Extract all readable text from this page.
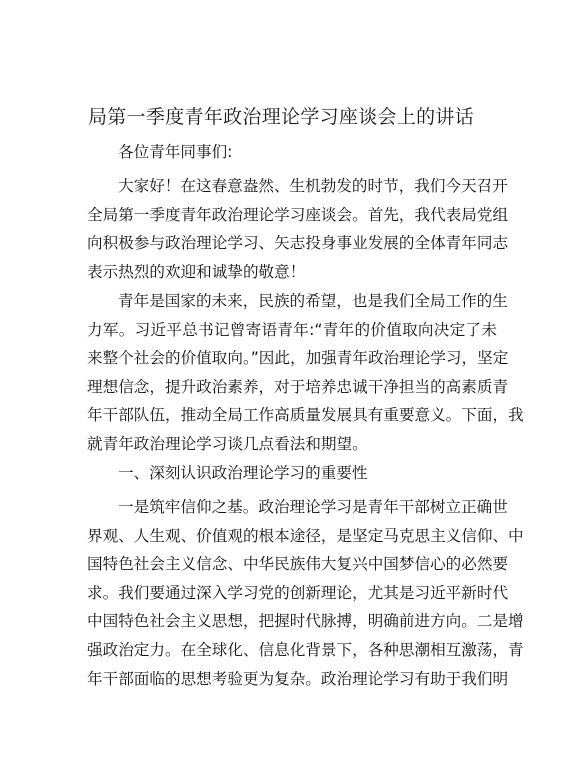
局第一季度青年政治理论学习座谈会上的讲话
各位青年同事们:
大家好！在这春意盎然、生机勃发的时节，我们今天召开
全局第一季度青年政治理论学习座谈会。首先，我代表局党组
向积极参与政治理论学习、矢志投身事业发展的全体青年同志
表示热烈的欢迎和诚挚的敬意！
青年是国家的未来，民族的希望，也是我们全局工作的生
力军。习近平总书记曾寄语青年:“青年的价值取向决定了未
来整个社会的价值取向。”因此，加强青年政治理论学习，坚定
理想信念，提升政治素养，对于培养忠诚干净担当的高素质青
年干部队伍，推动全局工作高质量发展具有重要意义。下面，我
就青年政治理论学习谈几点看法和期望。
一、深刻认识政治理论学习的重要性
一是筑牢信仰之基。政治理论学习是青年干部树立正确世
界观、人生观、价值观的根本途径，是坚定马克思主义信仰、中
国特色社会主义信念、中华民族伟大复兴中国梦信心的必然要
求。我们要通过深入学习党的创新理论，尤其是习近平新时代
中国特色社会主义思想，把握时代脉搏，明确前进方向。二是增
强政治定力。在全球化、信息化背景下，各种思潮相互激荡，青
年干部面临的思想考验更为复杂。政治理论学习有助于我们明
